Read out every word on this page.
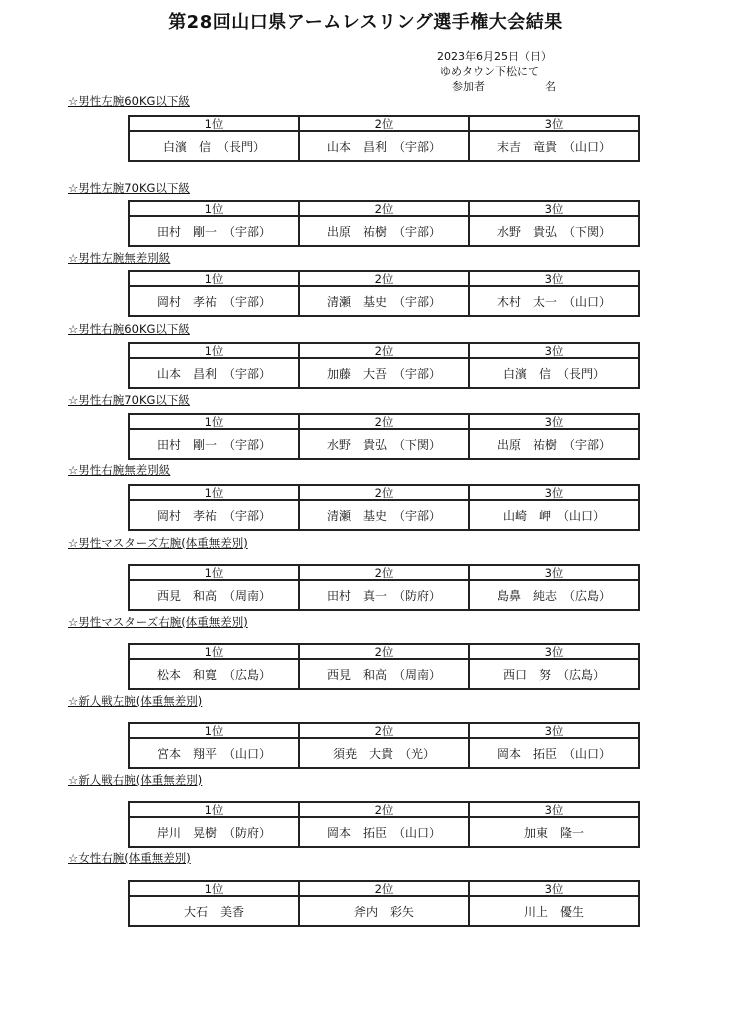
第28回山口県アームレスリング選手権大会結果
2023年6月25日（日）
ゆめタウン下松にて
参加者	名
☆男性左腕60KG以下級
1位	2位	3位
白濱　信　（長門）	山本　昌利　（宇部）	末吉　竜貴　（山口）
☆男性左腕70KG以下級
1位	2位	3位
田村　剛一　（宇部）	出原　祐樹　（宇部）	水野　貴弘　（下関）
☆男性左腕無差別級
1位	2位	3位
岡村　孝祐　（宇部）	清瀬　基史　（宇部）	木村　太一　（山口）
☆男性右腕60KG以下級
1位	2位	3位
山本　昌利　（宇部）	加藤　大吾　（宇部）	白濱　信　（長門）
☆男性右腕70KG以下級
1位	2位	3位
田村　剛一　（宇部）	水野　貴弘　（下関）	出原　祐樹　（宇部）
☆男性右腕無差別級
1位	2位	3位
岡村　孝祐　（宇部）	清瀬　基史　（宇部）	山崎　岬　（山口）
☆男性マスターズ左腕(体重無差別)
1位	2位	3位
西見　和高　（周南）	田村　真一　（防府）	島鼻　純志　（広島）
☆男性マスターズ右腕(体重無差別)
1位	2位	3位
松本　和寛　（広島）	西見　和高　（周南）	西口　努　（広島）
☆新人戦左腕(体重無差別)
1位	2位	3位
宮本　翔平　（山口）	須尭　大貴　（光）	岡本　拓臣　（山口）
☆新人戦右腕(体重無差別)
1位	2位	3位
岸川　晃樹　（防府）	岡本　拓臣　（山口）	加東　隆一
☆女性右腕(体重無差別)
1位	2位	3位
大石　美香	斧内　彩矢	川上　優生
